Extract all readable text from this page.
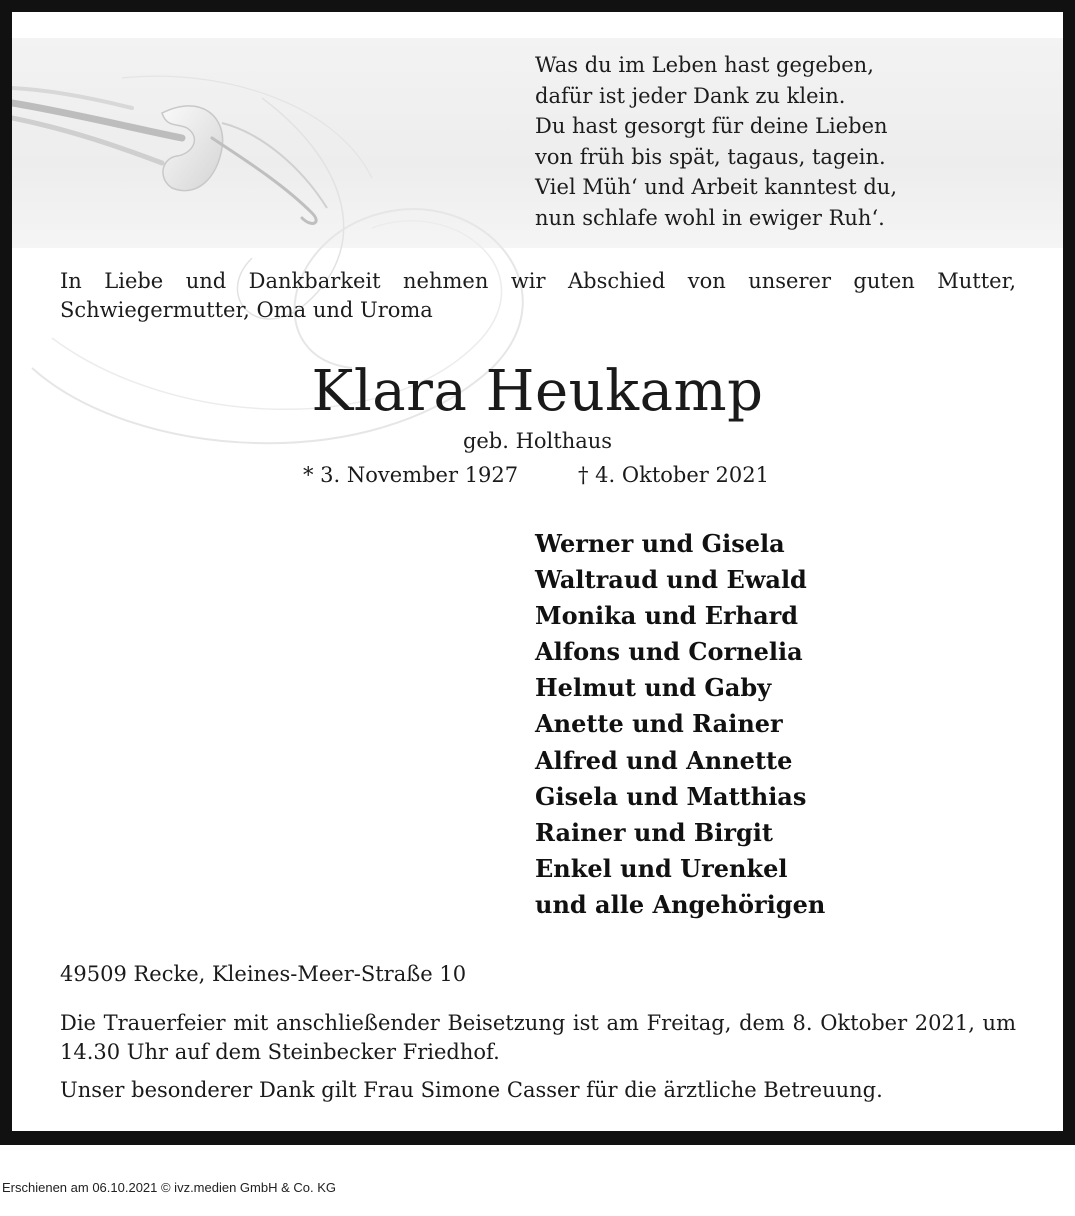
Was du im Leben hast gegeben,
dafür ist jeder Dank zu klein.
Du hast gesorgt für deine Lieben
von früh bis spät, tagaus, tagein.
Viel Müh‘ und Arbeit kanntest du,
nun schlafe wohl in ewiger Ruh‘.
In Liebe und Dankbarkeit nehmen wir Abschied von unserer guten Mutter, Schwiegermutter, Oma und Uroma
Klara Heukamp
geb. Holthaus
* 3. November 1927	† 4. Oktober 2021
Werner und Gisela
Waltraud und Ewald
Monika und Erhard
Alfons und Cornelia
Helmut und Gaby
Anette und Rainer
Alfred und Annette
Gisela und Matthias
Rainer und Birgit
Enkel und Urenkel
und alle Angehörigen
49509 Recke, Kleines-Meer-Straße 10
Die Trauerfeier mit anschließender Beisetzung ist am Freitag, dem 8. Oktober 2021, um 14.30 Uhr auf dem Steinbecker Friedhof.
Unser besonderer Dank gilt Frau Simone Casser für die ärztliche Betreuung.
Erschienen am 06.10.2021 © ivz.medien GmbH & Co. KG
